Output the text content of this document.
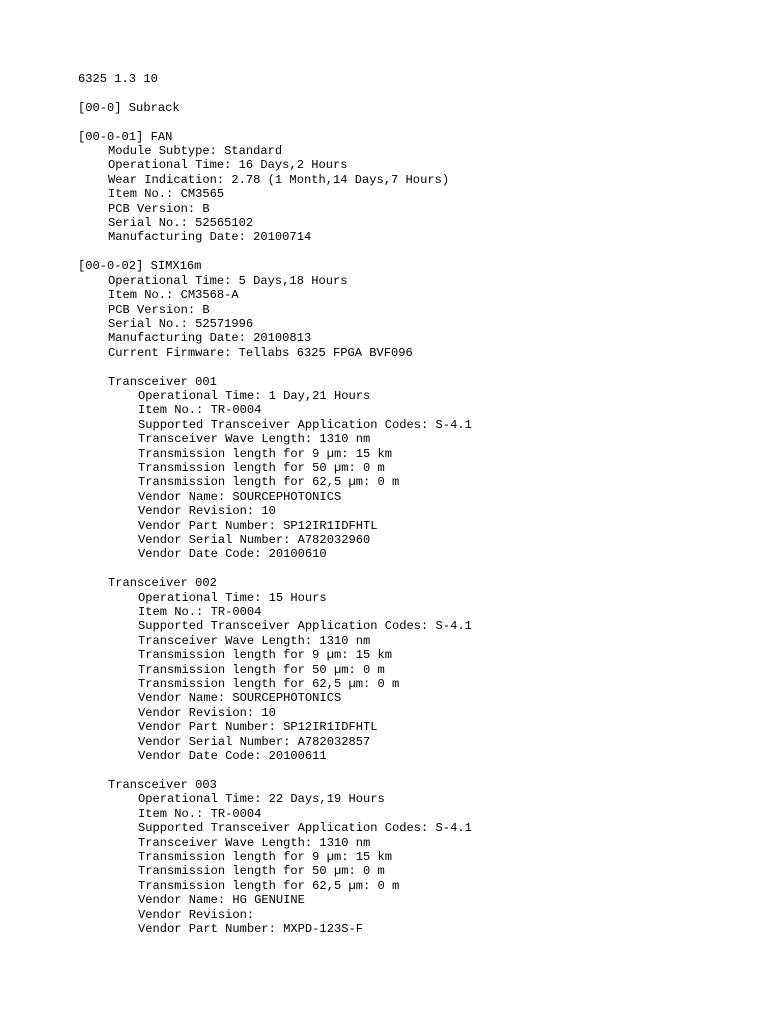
6325 1.3 10
[00-0] Subrack
[00-0-01] FAN
Module Subtype: Standard
Operational Time: 16 Days,2 Hours
Wear Indication: 2.78 (1 Month,14 Days,7 Hours)
Item No.: CM3565
PCB Version: B
Serial No.: 52565102
Manufacturing Date: 20100714
[00-0-02] SIMX16m
Operational Time: 5 Days,18 Hours
Item No.: CM3568-A
PCB Version: B
Serial No.: 52571996
Manufacturing Date: 20100813
Current Firmware: Tellabs 6325 FPGA BVF096
Transceiver 001
Operational Time: 1 Day,21 Hours
Item No.: TR-0004
Supported Transceiver Application Codes: S-4.1
Transceiver Wave Length: 1310 nm
Transmission length for 9 µm: 15 km
Transmission length for 50 µm: 0 m
Transmission length for 62,5 µm: 0 m
Vendor Name: SOURCEPHOTONICS
Vendor Revision: 10
Vendor Part Number: SP12IR1IDFHTL
Vendor Serial Number: A782032960
Vendor Date Code: 20100610
Transceiver 002
Operational Time: 15 Hours
Item No.: TR-0004
Supported Transceiver Application Codes: S-4.1
Transceiver Wave Length: 1310 nm
Transmission length for 9 µm: 15 km
Transmission length for 50 µm: 0 m
Transmission length for 62,5 µm: 0 m
Vendor Name: SOURCEPHOTONICS
Vendor Revision: 10
Vendor Part Number: SP12IR1IDFHTL
Vendor Serial Number: A782032857
Vendor Date Code: 20100611
Transceiver 003
Operational Time: 22 Days,19 Hours
Item No.: TR-0004
Supported Transceiver Application Codes: S-4.1
Transceiver Wave Length: 1310 nm
Transmission length for 9 µm: 15 km
Transmission length for 50 µm: 0 m
Transmission length for 62,5 µm: 0 m
Vendor Name: HG GENUINE
Vendor Revision:
Vendor Part Number: MXPD-123S-F
